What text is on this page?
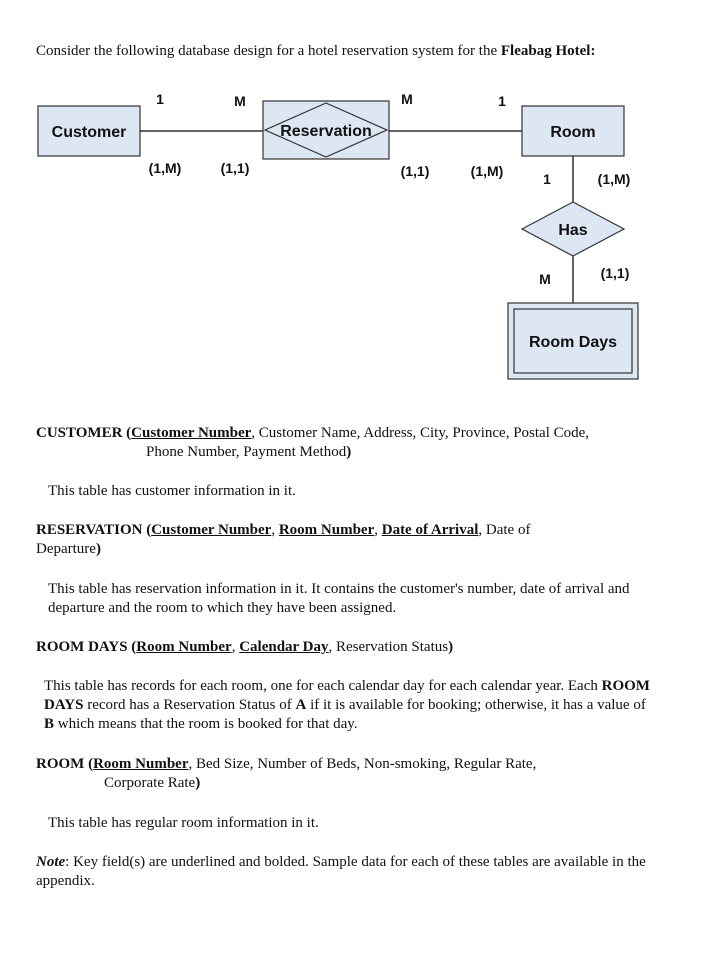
Consider the following database design for a hotel reservation system for the Fleabag Hotel:
Customer	Reservation	Room
Has
Room Days
1	M	M	1
(1,M)	(1,1)	(1,1)	(1,M)	1	(1,M)
M	(1,1)
CUSTOMER (Customer Number, Customer Name, Address, City, Province, Postal Code,
Phone Number, Payment Method)
This table has customer information in it.
RESERVATION (Customer Number, Room Number, Date of Arrival, Date of
Departure)
This table has reservation information in it. It contains the customer's number, date of arrival and departure and the room to which they have been assigned.
ROOM DAYS (Room Number, Calendar Day, Reservation Status)
This table has records for each room, one for each calendar day for each calendar year. Each ROOM DAYS record has a Reservation Status of A if it is available for booking; otherwise, it has a value of B which means that the room is booked for that day.
ROOM (Room Number, Bed Size, Number of Beds, Non-smoking, Regular Rate,
Corporate Rate)
This table has regular room information in it.
Note: Key field(s) are underlined and bolded. Sample data for each of these tables are available in the appendix.
